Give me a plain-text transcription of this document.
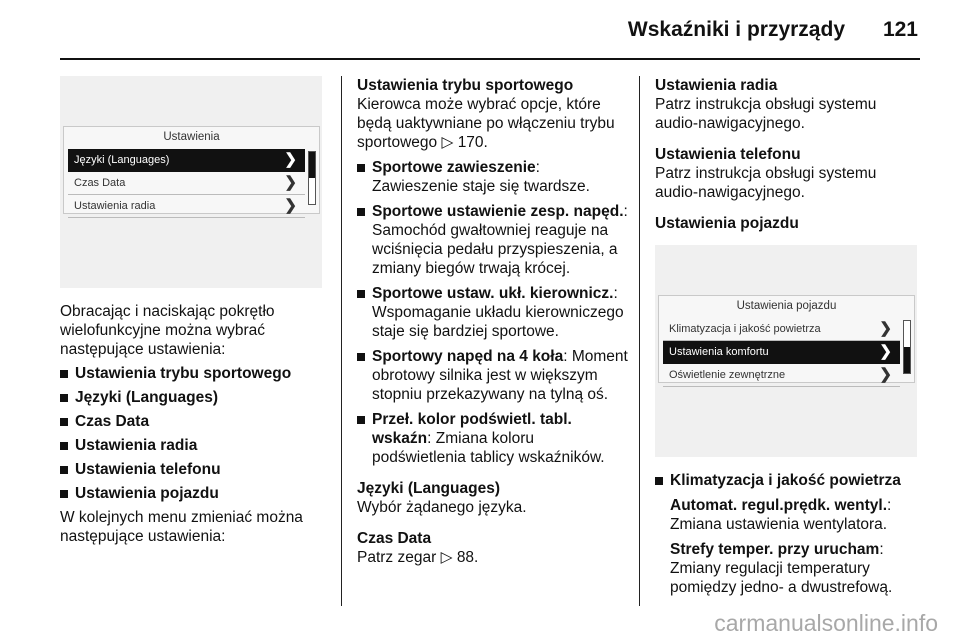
Wskaźniki i przyrządy 121
Ustawienia
Języki (Languages)	❯
Czas Data	❯
Ustawienia radia	❯

Obracając i naciskając pokrętło wielofunkcyjne można wybrać następujące ustawienia:

Ustawienia trybu sportowego
Języki (Languages)
Czas Data
Ustawienia radia
Ustawienia telefonu
Ustawienia pojazdu

W kolejnych menu zmieniać można następujące ustawienia:

Ustawienia trybu sportowego

Kierowca może wybrać opcje, które będą uaktywniane po włączeniu trybu sportowego ▷ 170.

Sportowe zawieszenie:
Zawieszenie staje się twardsze.
Sportowe ustawienie zesp. napęd.: Samochód gwałtowniej reaguje na wciśnięcia pedału przyspieszenia, a zmiany biegów trwają krócej.
Sportowe ustaw. ukł. kierownicz.: Wspomaganie układu kierowniczego staje się bardziej sportowe.
Sportowy napęd na 4 koła: Moment obrotowy silnika jest w większym stopniu przekazywany na tylną oś.
Przeł. kolor podświetl. tabl. wskaźn: Zmiana koloru podświetlenia tablicy wskaźników.

Języki (Languages)

Wybór żądanego języka.

Czas Data

Patrz zegar ▷ 88.

Ustawienia radia

Patrz instrukcja obsługi systemu audio-nawigacyjnego.

Ustawienia telefonu

Patrz instrukcja obsługi systemu audio-nawigacyjnego.

Ustawienia pojazdu

Ustawienia pojazdu
Klimatyzacja i jakość powietrza	❯
Ustawienia komfortu	❯
Oświetlenie zewnętrzne	❯
Klimatyzacja i jakość powietrza

Automat. regul.prędk. wentyl.:
Zmiana ustawienia wentylatora.

Strefy temper. przy urucham:
Zmiany regulacji temperatury pomiędzy jedno- a dwustrefową.

carmanualsonline.info
